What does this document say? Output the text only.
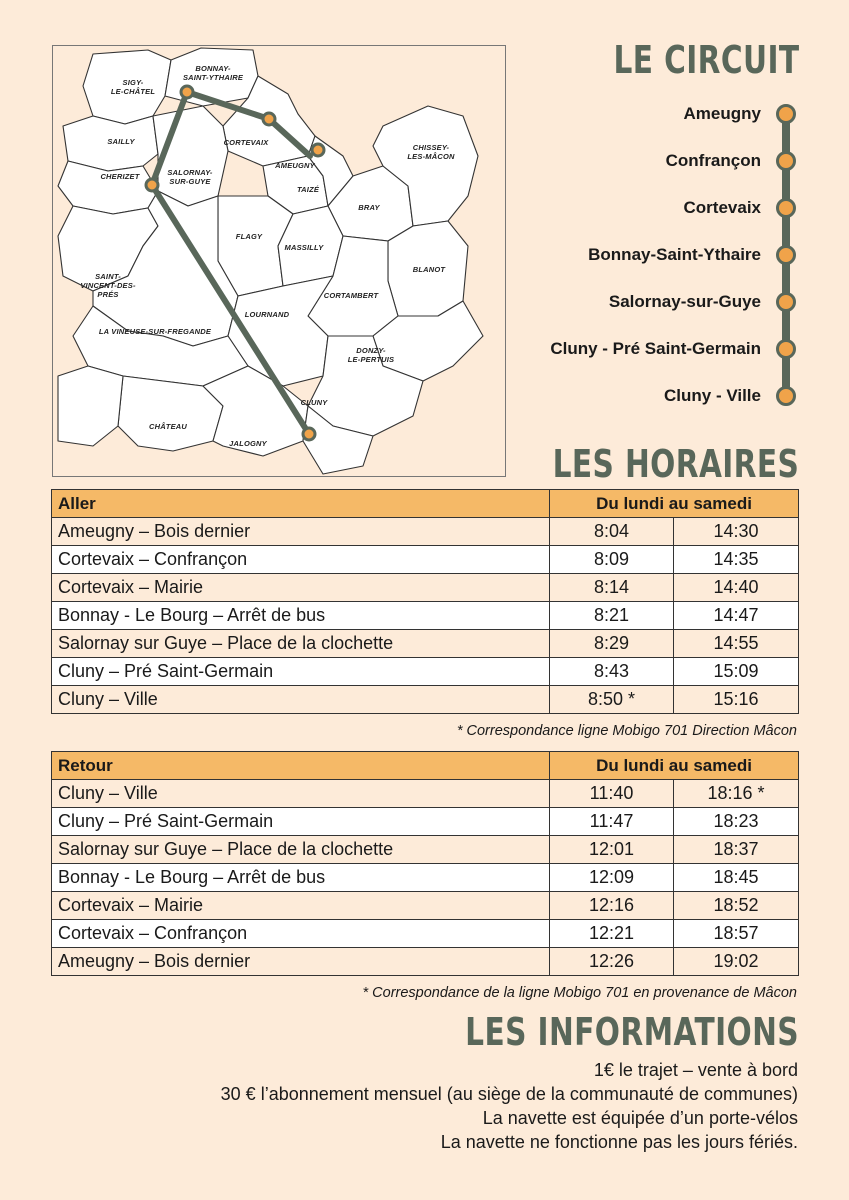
SIGY-
LE-CHÂTEL
BONNAY-
SAINT-YTHAIRE
SAILLY	CORTEVAIX
AMEUGNY
CHISSEY-
LES-MÂCON
CHERIZET	SALORNAY-
SUR-GUYE
TAIZÉ
BRAY
FLAGY
MASSILLY
BLANOT
SAINT-
VINCENT-DES-
PRÉS	CORTAMBERT
LOURNAND
LA VINEUSE-SUR-FREGANDE
DONZY-
LE-PERTUIS
CLUNY
CHÂTEAU
JALOGNY
LE CIRCUIT
Ameugny
Confrançon
Cortevaix
Bonnay-Saint-Ythaire
Salornay-sur-Guye
Cluny - Pré Saint-Germain
Cluny - Ville
LES HORAIRES
Aller	Du lundi au samedi	
Ameugny – Bois dernier	8:04	14:30
Cortevaix – Confrançon	8:09	14:35
Cortevaix – Mairie	8:14	14:40
Bonnay - Le Bourg – Arrêt de bus	8:21	14:47
Salornay sur Guye – Place de la clochette	8:29	14:55
Cluny – Pré Saint-Germain	8:43	15:09
Cluny – Ville	8:50 *	15:16
* Correspondance ligne Mobigo 701 Direction Mâcon
Retour	Du lundi au samedi	
Cluny – Ville	11:40	18:16 *
Cluny – Pré Saint-Germain	11:47	18:23
Salornay sur Guye – Place de la clochette	12:01	18:37
Bonnay - Le Bourg – Arrêt de bus	12:09	18:45
Cortevaix – Mairie	12:16	18:52
Cortevaix – Confrançon	12:21	18:57
Ameugny – Bois dernier	12:26	19:02
* Correspondance de la ligne Mobigo 701 en provenance de Mâcon
LES INFORMATIONS
1€ le trajet – vente à bord
30 € l’abonnement mensuel (au siège de la communauté de communes)
La navette est équipée d’un porte-vélos
La navette ne fonctionne pas les jours fériés.
